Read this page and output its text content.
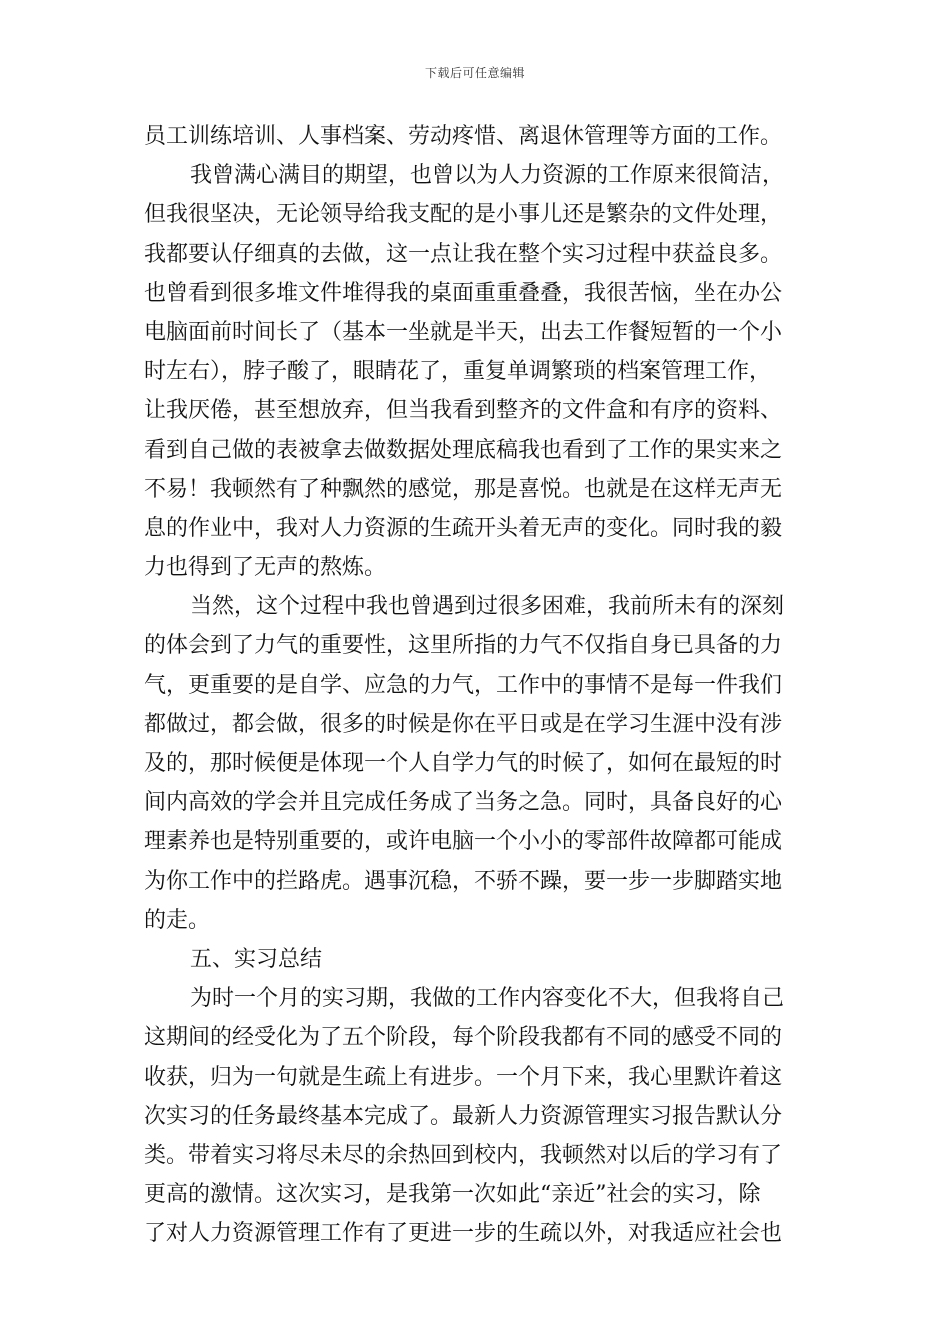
下载后可任意编辑
员工训练培训、人事档案、劳动疼惜、离退休管理等方面的工作。
我曾满心满目的期望，也曾以为人力资源的工作原来很简洁，
但我很坚决，无论领导给我支配的是小事儿还是繁杂的文件处理，
我都要认仔细真的去做，这一点让我在整个实习过程中获益良多。
也曾看到很多堆文件堆得我的桌面重重叠叠，我很苦恼，坐在办公
电脑面前时间长了（基本一坐就是半天，出去工作餐短暂的一个小
时左右），脖子酸了，眼睛花了，重复单调繁琐的档案管理工作，
让我厌倦，甚至想放弃，但当我看到整齐的文件盒和有序的资料、
看到自己做的表被拿去做数据处理底稿我也看到了工作的果实来之
不易！我顿然有了种飘然的感觉，那是喜悦。也就是在这样无声无
息的作业中，我对人力资源的生疏开头着无声的变化。同时我的毅
力也得到了无声的熬炼。
当然，这个过程中我也曾遇到过很多困难，我前所未有的深刻
的体会到了力气的重要性，这里所指的力气不仅指自身已具备的力
气，更重要的是自学、应急的力气，工作中的事情不是每一件我们
都做过，都会做，很多的时候是你在平日或是在学习生涯中没有涉
及的，那时候便是体现一个人自学力气的时候了，如何在最短的时
间内高效的学会并且完成任务成了当务之急。同时，具备良好的心
理素养也是特别重要的，或许电脑一个小小的零部件故障都可能成
为你工作中的拦路虎。遇事沉稳，不骄不躁，要一步一步脚踏实地
的走。
五、实习总结
为时一个月的实习期，我做的工作内容变化不大，但我将自己
这期间的经受化为了五个阶段，每个阶段我都有不同的感受不同的
收获，归为一句就是生疏上有进步。一个月下来，我心里默许着这
次实习的任务最终基本完成了。最新人力资源管理实习报告默认分
类。带着实习将尽未尽的余热回到校内，我顿然对以后的学习有了
更高的激情。这次实习，是我第一次如此“亲近”社会的实习，除
了对人力资源管理工作有了更进一步的生疏以外，对我适应社会也
